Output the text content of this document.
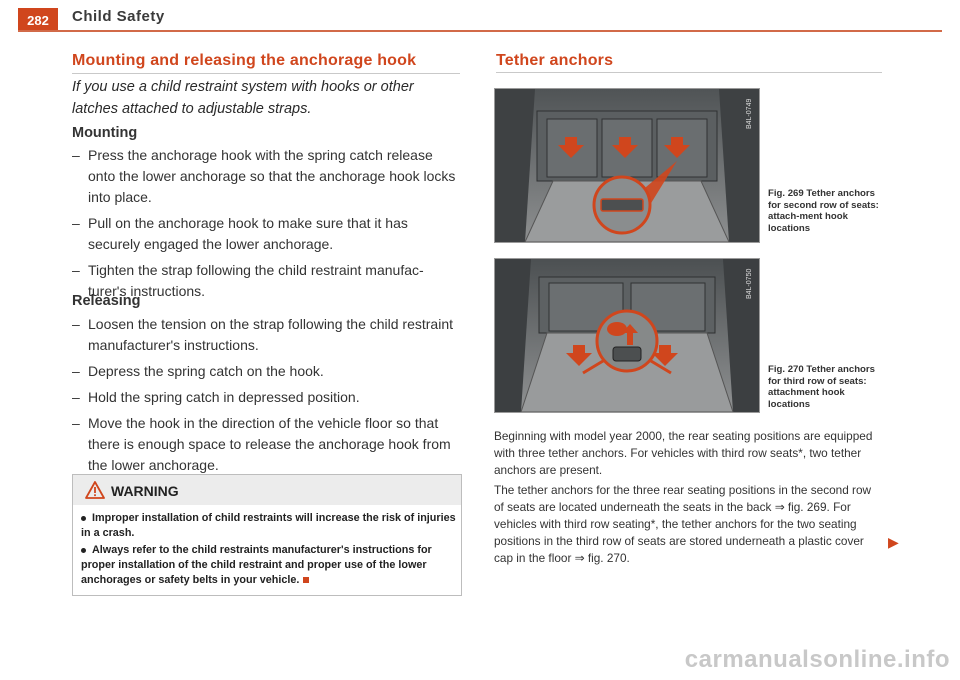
282	Child Safety
Mounting and releasing the anchorage hook
If you use a child restraint system with hooks or other latches attached to adjustable straps.
Mounting
– Press the anchorage hook with the spring catch release onto the lower anchorage so that the anchorage hook locks into place.
– Pull on the anchorage hook to make sure that it has securely engaged the lower anchorage.
– Tighten the strap following the child restraint manufac-turer's instructions.
Releasing
– Loosen the tension on the strap following the child restraint manufacturer's instructions.
– Depress the spring catch on the hook.
– Hold the spring catch in depressed position.
– Move the hook in the direction of the vehicle floor so that there is enough space to release the anchorage hook from the lower anchorage.
WARNING
Improper installation of child restraints will increase the risk of injuries in a crash.
Always refer to the child restraints manufacturer's instructions for proper installation of the child restraint and proper use of the lower anchorages or safety belts in your vehicle.
Tether anchors
B4L-0749
Fig. 269 Tether anchors for second row of seats: attach-ment hook locations
B4L-0750
Fig. 270 Tether anchors for third row of seats: attachment hook locations
Beginning with model year 2000, the rear seating positions are equipped with three tether anchors. For vehicles with third row seats*, two tether anchors are present.
The tether anchors for the three rear seating positions in the second row of seats are located underneath the seats in the back ⇒ fig. 269. For vehicles with third row seating*, the tether anchors for the two seating positions in the third row of seats are stored underneath a plastic cover cap in the floor ⇒ fig. 270.
▶
carmanualsonline.info
